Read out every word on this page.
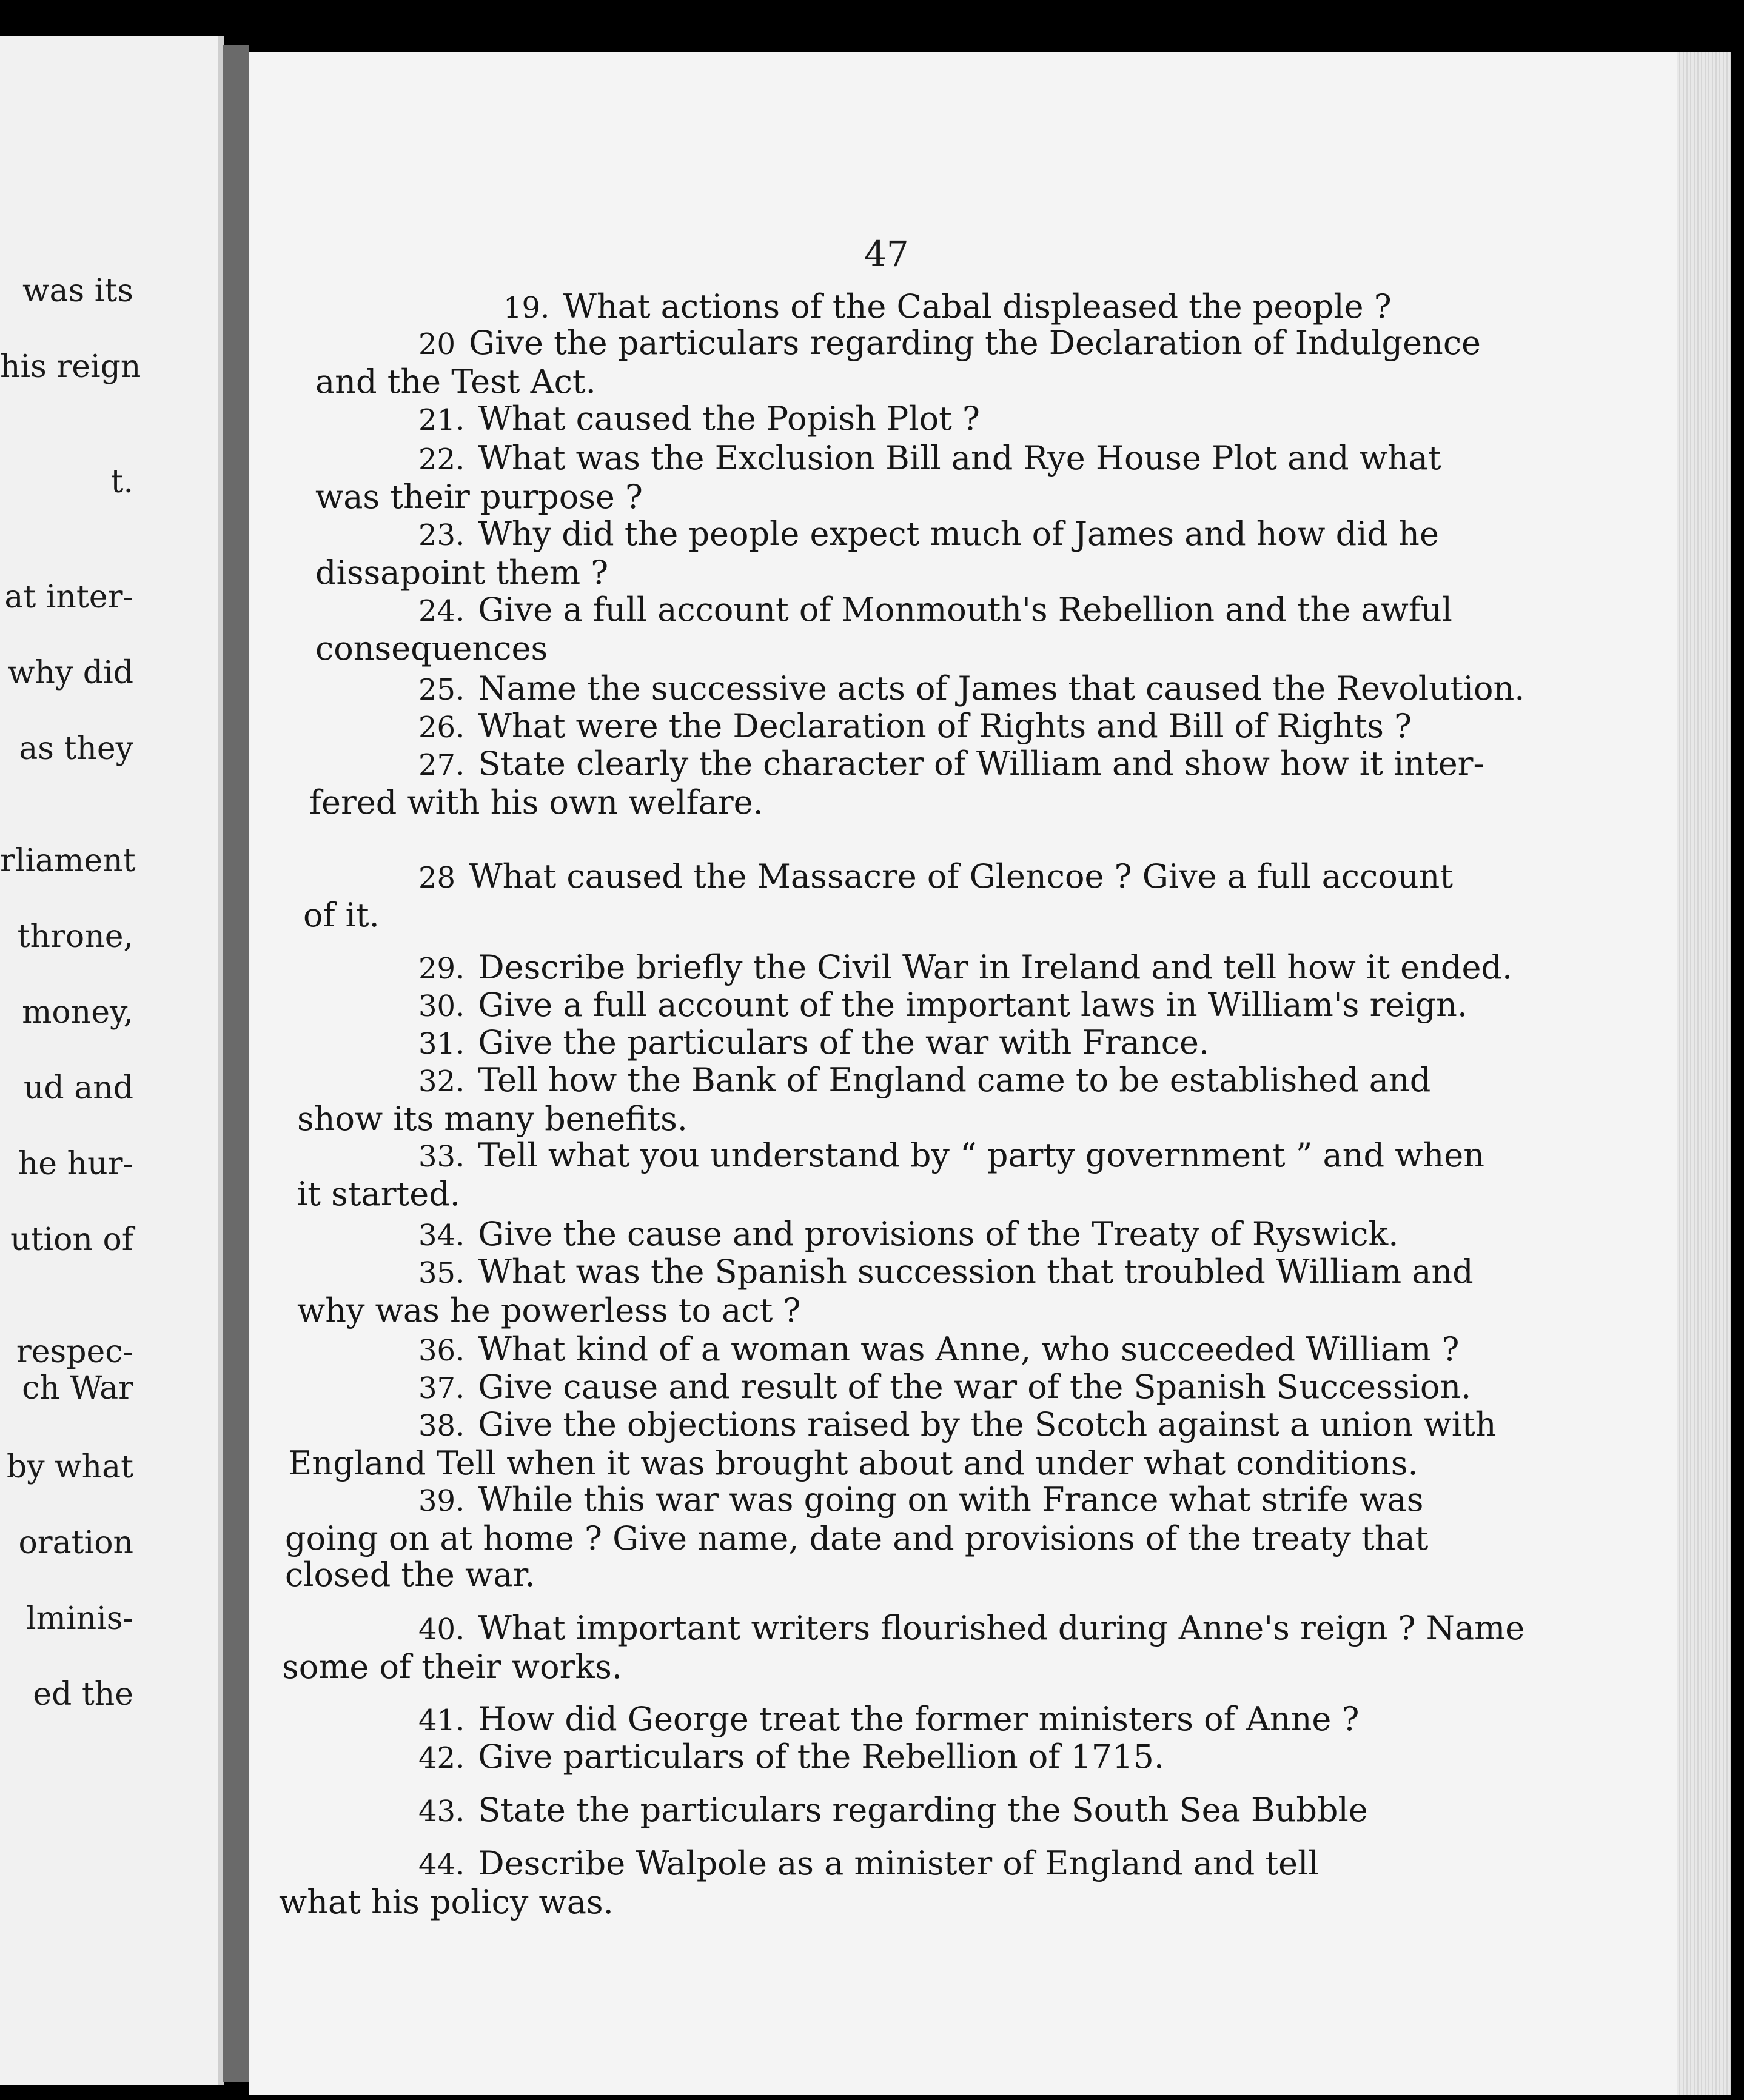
was its
his reign
t.
at inter-
why did
as they
rliament
throne,
money,
ud and
he hur-
ution of
respec-
ch War
by what
oration
lminis-
ed the
47
19. What actions of the Cabal displeased the people ?
20 Give the particulars regarding the Declaration of Indulgence
and the Test Act.
21. What caused the Popish Plot ?
22. What was the Exclusion Bill and Rye House Plot and what
was their purpose ?
23. Why did the people expect much of James and how did he
dissapoint them ?
24. Give a full account of Monmouth's Rebellion and the awful
consequences
25. Name the successive acts of James that caused the Revolution.
26. What were the Declaration of Rights and Bill of Rights ?
27. State clearly the character of William and show how it inter-
fered with his own welfare.
28 What caused the Massacre of Glencoe ? Give a full account
of it.
29. Describe briefly the Civil War in Ireland and tell how it ended.
30. Give a full account of the important laws in William's reign.
31. Give the particulars of the war with France.
32. Tell how the Bank of England came to be established and
show its many benefits.
33. Tell what you understand by “ party government ” and when
it started.
34. Give the cause and provisions of the Treaty of Ryswick.
35. What was the Spanish succession that troubled William and
why was he powerless to act ?
36. What kind of a woman was Anne, who succeeded William ?
37. Give cause and result of the war of the Spanish Succession.
38. Give the objections raised by the Scotch against a union with
England Tell when it was brought about and under what conditions.
39. While this war was going on with France what strife was
going on at home ? Give name, date and provisions of the treaty that
closed the war.
40. What important writers flourished during Anne's reign ? Name
some of their works.
41. How did George treat the former ministers of Anne ?
42. Give particulars of the Rebellion of 1715.
43. State the particulars regarding the South Sea Bubble
44. Describe Walpole as a minister of England and tell
what his policy was.
